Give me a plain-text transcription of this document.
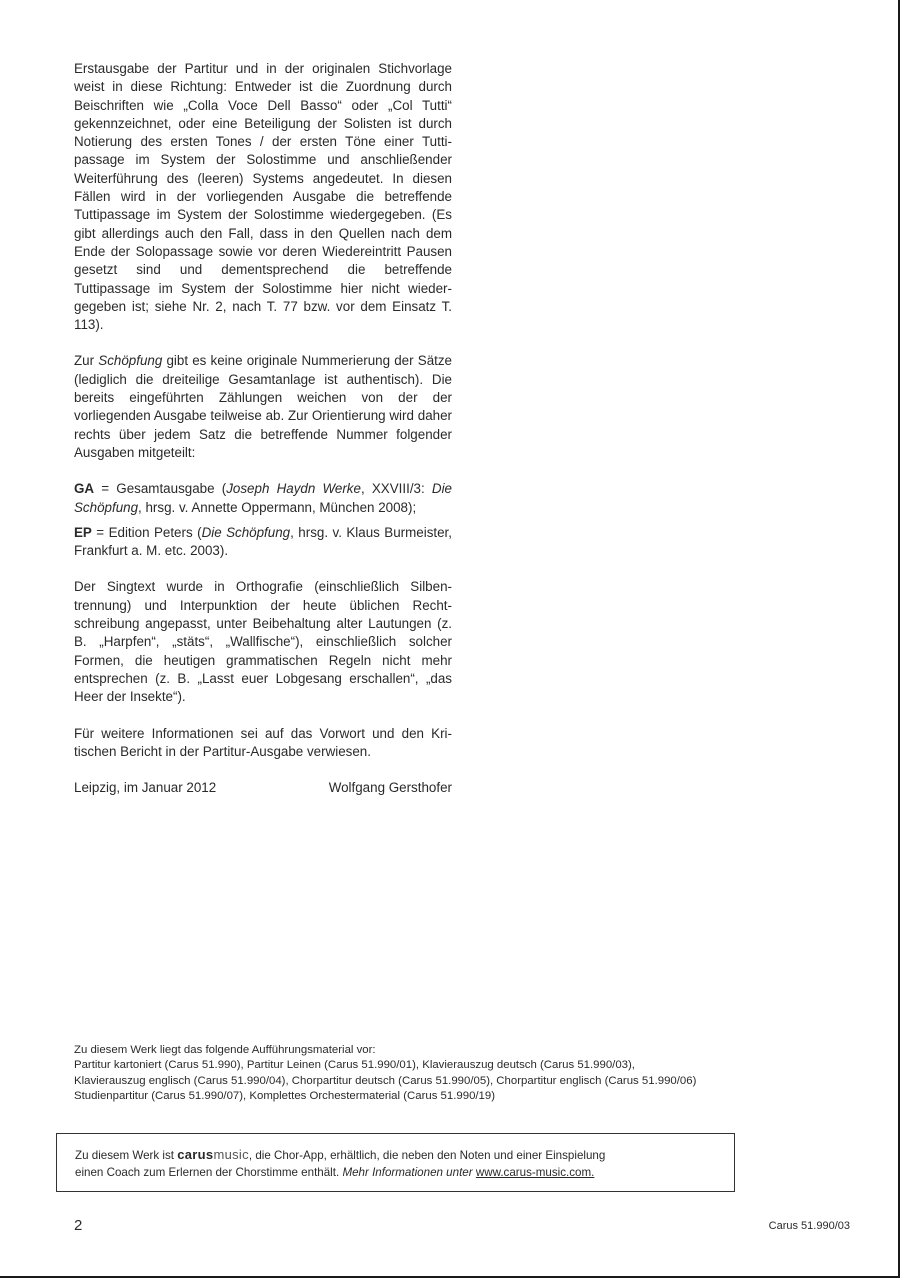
Erstausgabe der Partitur und in der originalen Stichvorlage weist in diese Richtung: Entweder ist die Zuordnung durch Beischriften wie „Colla Voce Dell Basso“ oder „Col Tutti“ gekennzeichnet, oder eine Beteiligung der Solisten ist durch Notierung des ersten Tones / der ersten Töne einer Tuttipassage im System der Solostimme und anschließender Weiterführung des (leeren) Systems angedeutet. In diesen Fällen wird in der vorliegenden Ausgabe die betreffende Tuttipassage im System der Solostimme wiedergegeben. (Es gibt allerdings auch den Fall, dass in den Quellen nach dem Ende der Solopassage sowie vor deren Wiedereintritt Pausen gesetzt sind und dementsprechend die betreffende Tuttipassage im System der Solostimme hier nicht wiedergegeben ist; siehe Nr. 2, nach T. 77 bzw. vor dem Einsatz T. 113).

Zur Schöpfung gibt es keine originale Nummerierung der Sätze (lediglich die dreiteilige Gesamtanlage ist authentisch). Die bereits eingeführten Zählungen weichen von der der vorliegenden Ausgabe teilweise ab. Zur Orientierung wird daher rechts über jedem Satz die betreffende Nummer folgender Ausgaben mitgeteilt:

GA = Gesamtausgabe (Joseph Haydn Werke, XXVIII/3: Die Schöpfung, hrsg. v. Annette Oppermann, München 2008);

EP = Edition Peters (Die Schöpfung, hrsg. v. Klaus Burmeister, Frankfurt a. M. etc. 2003).

Der Singtext wurde in Orthografie (einschließlich Silbentrennung) und Interpunktion der heute üblichen Rechtschreibung angepasst, unter Beibehaltung alter Lautungen (z. B. „Harpfen“, „stäts“, „Wallfische“), einschließlich solcher Formen, die heutigen grammatischen Regeln nicht mehr entsprechen (z. B. „Lasst euer Lobgesang erschallen“, „das Heer der Insekte“).

Für weitere Informationen sei auf das Vorwort und den Kritischen Bericht in der Partitur-Ausgabe verwiesen.

Leipzig, im Januar 2012	Wolfgang Gersthofer
Zu diesem Werk liegt das folgende Aufführungsmaterial vor:
Partitur kartoniert (Carus 51.990), Partitur Leinen (Carus 51.990/01), Klavierauszug deutsch (Carus 51.990/03),
Klavierauszug englisch (Carus 51.990/04), Chorpartitur deutsch (Carus 51.990/05), Chorpartitur englisch (Carus 51.990/06)
Studienpartitur (Carus 51.990/07), Komplettes Orchestermaterial (Carus 51.990/19)
Zu diesem Werk ist carusmusic, die Chor-App, erhältlich, die neben den Noten und einer Einspielung
einen Coach zum Erlernen der Chorstimme enthält. Mehr Informationen unter www.carus-music.com.
2	Carus 51.990/03
